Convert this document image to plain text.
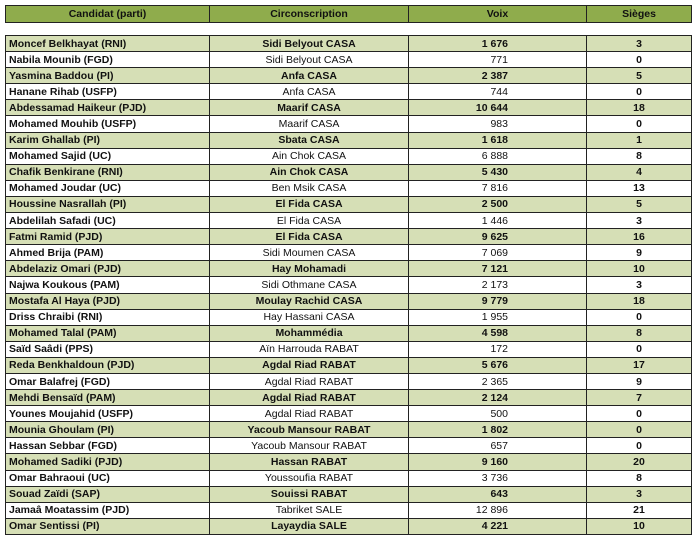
Candidat (parti)	Circonscription	Voix	Sièges

Moncef Belkhayat (RNI)	Sidi Belyout CASA	1 676	3
Nabila Mounib (FGD)	Sidi Belyout CASA	771	0
Yasmina Baddou (PI)	Anfa CASA	2 387	5
Hanane Rihab (USFP)	Anfa CASA	744	0
Abdessamad Haikeur (PJD)	Maarif CASA	10 644	18
Mohamed Mouhib (USFP)	Maarif CASA	983	0
Karim Ghallab (PI)	Sbata CASA	1 618	1
Mohamed Sajid (UC)	Ain Chok CASA	6 888	8
Chafik Benkirane (RNI)	Ain Chok CASA	5 430	4
Mohamed Joudar (UC)	Ben Msik CASA	7 816	13
Houssine Nasrallah (PI)	El Fida CASA	2 500	5
Abdelilah Safadi (UC)	El Fida CASA	1 446	3
Fatmi Ramid (PJD)	El Fida CASA	9 625	16
Ahmed Brija (PAM)	Sidi Moumen CASA	7 069	9
Abdelaziz Omari (PJD)	Hay Mohamadi	7 121	10
Najwa Koukous (PAM)	Sidi Othmane CASA	2 173	3
Mostafa Al Haya (PJD)	Moulay Rachid CASA	9 779	18
Driss Chraibi (RNI)	Hay Hassani CASA	1 955	0
Mohamed Talal (PAM)	Mohammédia	4 598	8
Saïd Saâdi (PPS)	Aïn Harrouda RABAT	172	0
Reda Benkhaldoun (PJD)	Agdal Riad RABAT	5 676	17
Omar Balafrej (FGD)	Agdal Riad RABAT	2 365	9
Mehdi Bensaïd (PAM)	Agdal Riad RABAT	2 124	7
Younes Moujahid (USFP)	Agdal Riad RABAT	500	0
Mounia Ghoulam (PI)	Yacoub Mansour RABAT	1 802	0
Hassan Sebbar (FGD)	Yacoub Mansour RABAT	657	0
Mohamed Sadiki (PJD)	Hassan RABAT	9 160	20
Omar Bahraoui (UC)	Youssoufia RABAT	3 736	8
Souad Zaïdi (SAP)	Souissi RABAT	643	3
Jamaâ Moatassim (PJD)	Tabriket SALE	12 896	21
Omar Sentissi (PI)	Layaydia SALE	4 221	10
